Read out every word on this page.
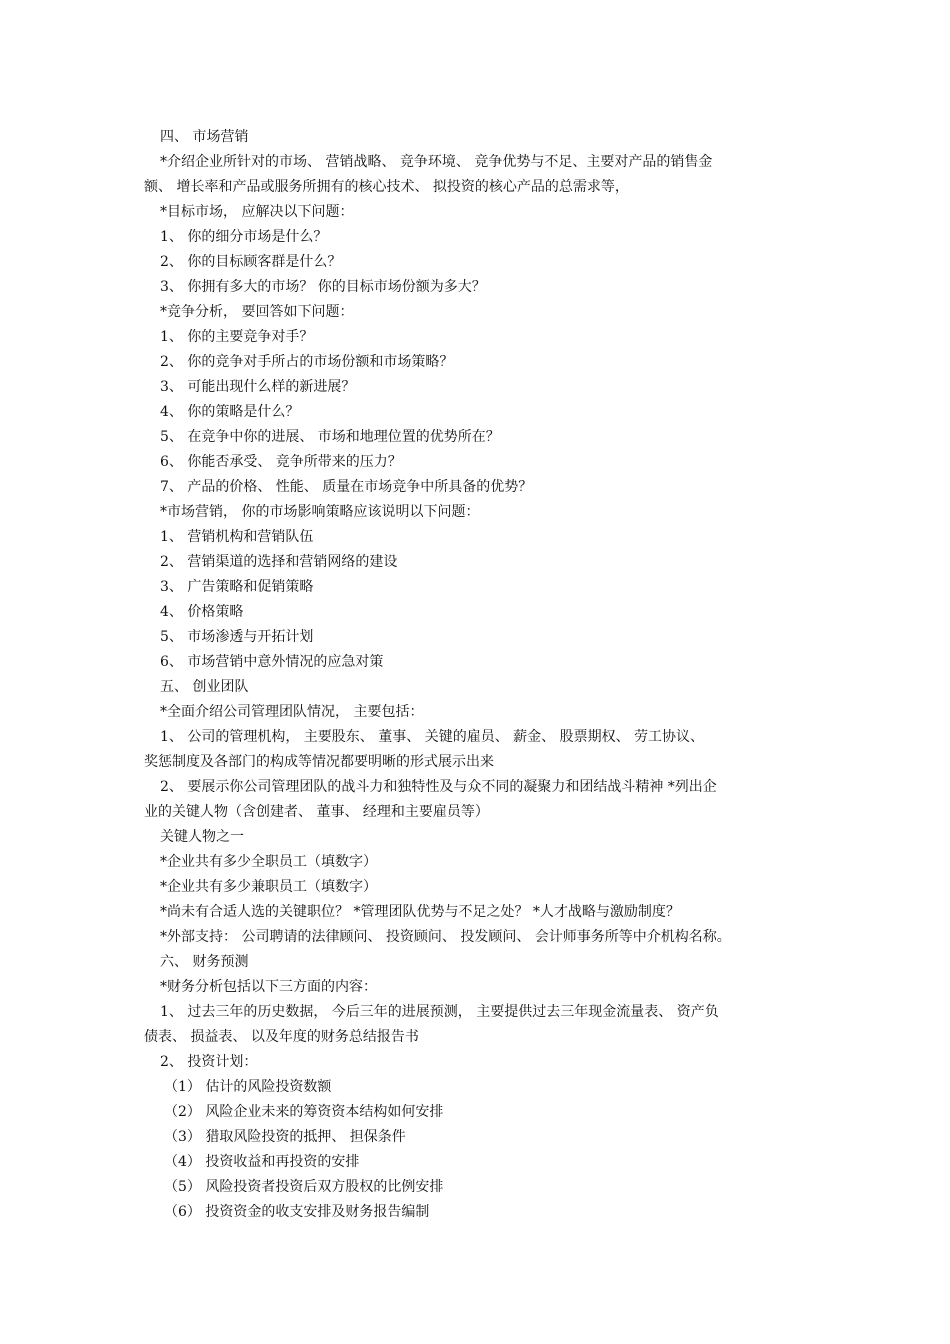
四、 市场营销
*介绍企业所针对的市场、 营销战略、 竞争环境、 竞争优势与不足、主要对产品的销售金
额、 增长率和产品或服务所拥有的核心技术、 拟投资的核心产品的总需求等，
*目标市场， 应解决以下问题：
1、 你的细分市场是什么？
2、 你的目标顾客群是什么？
3、 你拥有多大的市场？ 你的目标市场份额为多大？
*竞争分析， 要回答如下问题：
1、 你的主要竞争对手？
2、 你的竞争对手所占的市场份额和市场策略？
3、 可能出现什么样的新进展？
4、 你的策略是什么？
5、 在竞争中你的进展、 市场和地理位置的优势所在？
6、 你能否承受、 竞争所带来的压力？
7、 产品的价格、 性能、 质量在市场竞争中所具备的优势？
*市场营销， 你的市场影响策略应该说明以下问题：
1、 营销机构和营销队伍
2、 营销渠道的选择和营销网络的建设
3、 广告策略和促销策略
4、 价格策略
5、 市场渗透与开拓计划
6、 市场营销中意外情况的应急对策
五、 创业团队
*全面介绍公司管理团队情况， 主要包括：
1、 公司的管理机构， 主要股东、 董事、 关键的雇员、 薪金、 股票期权、 劳工协议、
奖惩制度及各部门的构成等情况都要明晰的形式展示出来
2、 要展示你公司管理团队的战斗力和独特性及与众不同的凝聚力和团结战斗精神 *列出企
业的关键人物（含创建者、 董事、 经理和主要雇员等）
关键人物之一
*企业共有多少全职员工（填数字）
*企业共有多少兼职员工（填数字）
*尚未有合适人选的关键职位？ *管理团队优势与不足之处？ *人才战略与激励制度？
*外部支持： 公司聘请的法律顾问、 投资顾问、 投发顾问、 会计师事务所等中介机构名称。
六、 财务预测
*财务分析包括以下三方面的内容：
1、 过去三年的历史数据， 今后三年的进展预测， 主要提供过去三年现金流量表、 资产负
债表、 损益表、 以及年度的财务总结报告书
2、 投资计划：
（1） 估计的风险投资数额
（2） 风险企业未来的筹资资本结构如何安排
（3） 猎取风险投资的抵押、 担保条件
（4） 投资收益和再投资的安排
（5） 风险投资者投资后双方股权的比例安排
（6） 投资资金的收支安排及财务报告编制
